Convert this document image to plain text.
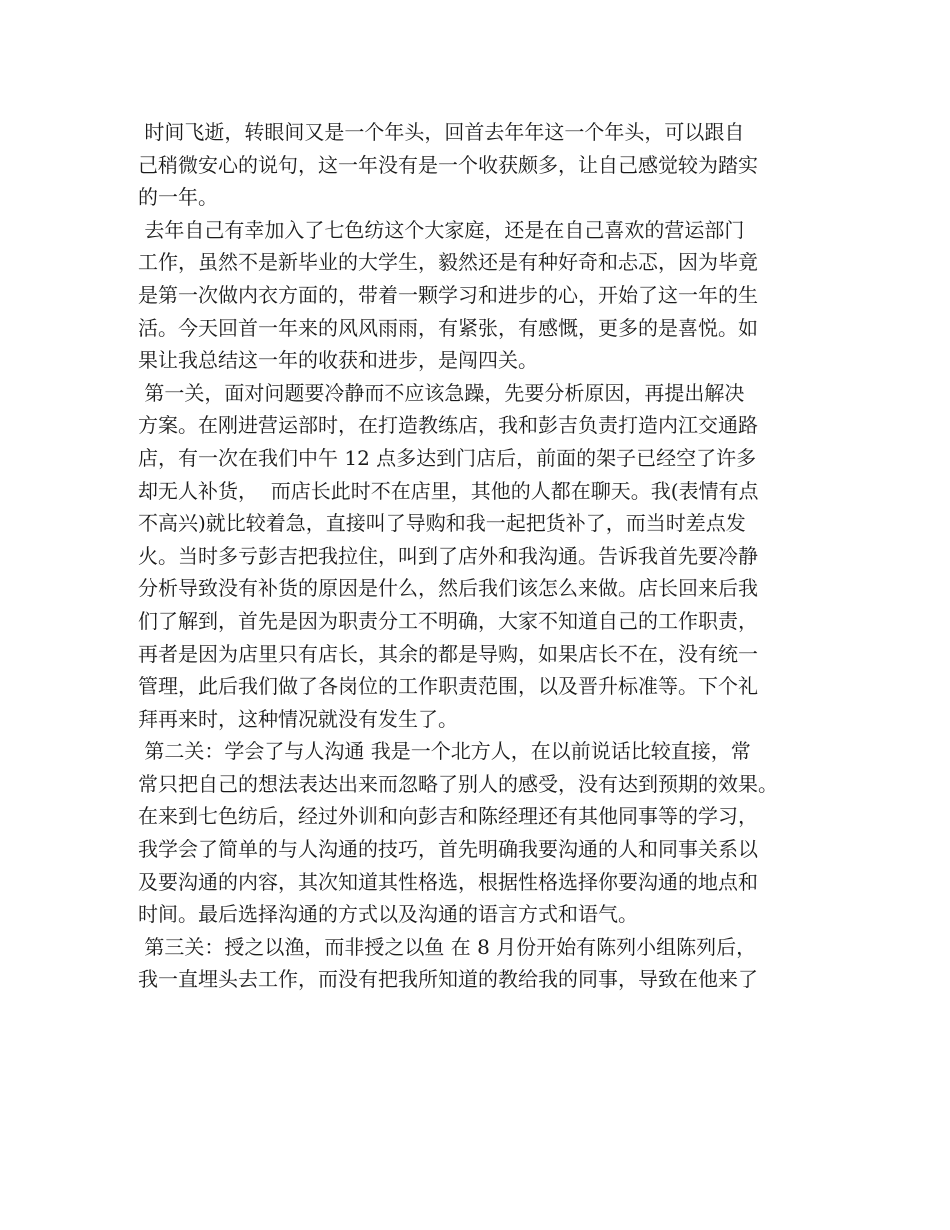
时间飞逝，转眼间又是一个年头，回首去年年这一个年头，可以跟自
己稍微安心的说句，这一年没有是一个收获颇多，让自己感觉较为踏实
的一年。
去年自己有幸加入了七色纺这个大家庭，还是在自己喜欢的营运部门
工作，虽然不是新毕业的大学生，毅然还是有种好奇和忐忑，因为毕竟
是第一次做内衣方面的，带着一颗学习和进步的心，开始了这一年的生
活。今天回首一年来的风风雨雨，有紧张，有感慨，更多的是喜悦。如
果让我总结这一年的收获和进步，是闯四关。
第一关，面对问题要冷静而不应该急躁，先要分析原因，再提出解决
方案。在刚进营运部时，在打造教练店，我和彭吉负责打造内江交通路
店，有一次在我们中午 12 点多达到门店后，前面的架子已经空了许多
却无人补货，  而店长此时不在店里，其他的人都在聊天。我(表情有点
不高兴)就比较着急，直接叫了导购和我一起把货补了，而当时差点发
火。当时多亏彭吉把我拉住，叫到了店外和我沟通。告诉我首先要冷静
分析导致没有补货的原因是什么，然后我们该怎么来做。店长回来后我
们了解到，首先是因为职责分工不明确，大家不知道自己的工作职责，
再者是因为店里只有店长，其余的都是导购，如果店长不在，没有统一
管理，此后我们做了各岗位的工作职责范围，以及晋升标准等。下个礼
拜再来时，这种情况就没有发生了。
第二关：学会了与人沟通 我是一个北方人，在以前说话比较直接，常
常只把自己的想法表达出来而忽略了别人的感受，没有达到预期的效果。
在来到七色纺后，经过外训和向彭吉和陈经理还有其他同事等的学习，
我学会了简单的与人沟通的技巧，首先明确我要沟通的人和同事关系以
及要沟通的内容，其次知道其性格选，根据性格选择你要沟通的地点和
时间。最后选择沟通的方式以及沟通的语言方式和语气。
第三关：授之以渔，而非授之以鱼 在 8 月份开始有陈列小组陈列后，
我一直埋头去工作，而没有把我所知道的教给我的同事，导致在他来了
